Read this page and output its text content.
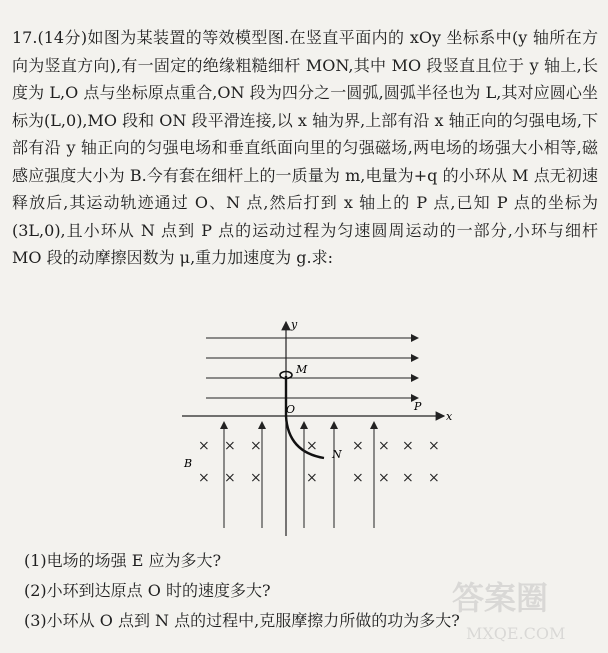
17.(14分)如图为某装置的等效模型图.在竖直平面内的 xOy 坐标系中(y 轴所在方向为竖直方向),有一固定的绝缘粗糙细杆 MON,其中 MO 段竖直且位于 y 轴上,长度为 L,O 点与坐标原点重合,ON 段为四分之一圆弧,圆弧半径也为 L,其对应圆心坐标为(L,0),MO 段和 ON 段平滑连接,以 x 轴为界,上部有沿 x 轴正向的匀强电场,下部有沿 y 轴正向的匀强电场和垂直纸面向里的匀强磁场,两电场的场强大小相等,磁感应强度大小为 B.今有套在细杆上的一质量为 m,电量为+q 的小环从 M 点无初速释放后,其运动轨迹通过 O、N 点,然后打到 x 轴上的 P 点,已知 P 点的坐标为(3L,0),且小环从 N 点到 P 点的运动过程为匀速圆周运动的一部分,小环与细杆 MO 段的动摩擦因数为 μ,重力加速度为 g.求:
x
y
M
O
N
P
× × ×	× × × × ×
× × ×	× × × × ×
B
(1)电场的场强 E 应为多大?
(2)小环到达原点 O 时的速度多大?
(3)小环从 O 点到 N 点的过程中,克服摩擦力所做的功为多大?
答案圈
MXQE.COM
